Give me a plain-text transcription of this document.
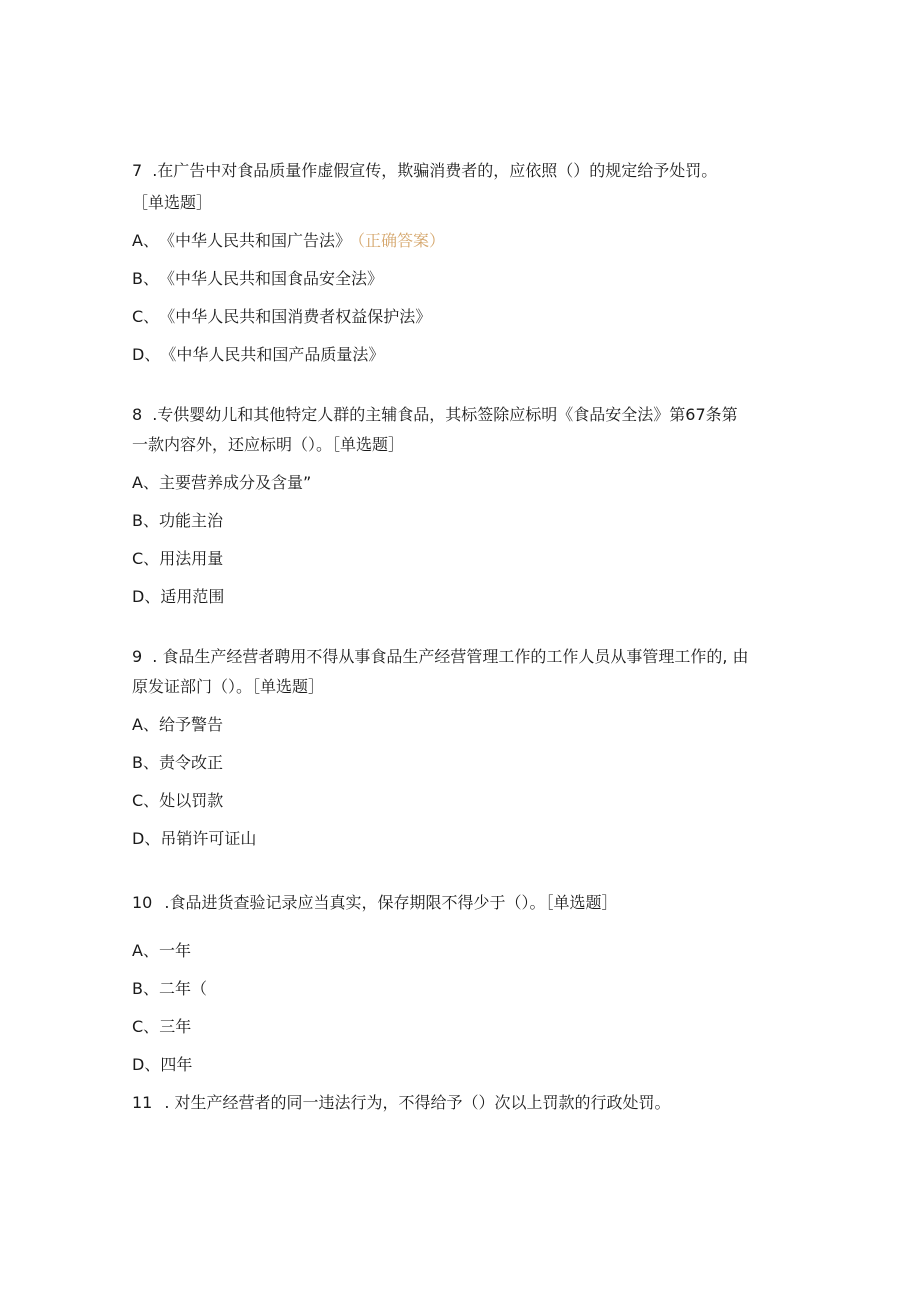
7 .在广告中对食品质量作虚假宣传，欺骗消费者的，应依照（）的规定给予处罚。
［单选题］
A、《中华人民共和国广告法》 （正确答案）
B、《中华人民共和国食品安全法》
C、《中华人民共和国消费者权益保护法》
D、《中华人民共和国产品质量法》
8 .专供婴幼儿和其他特定人群的主辅食品，其标签除应标明《食品安全法》第67条第
一款内容外，还应标明（）。［单选题］
A、主要营养成分及含量”
B、功能主治
C、用法用量
D、适用范围
9 . 食品生产经营者聘用不得从事食品生产经营管理工作的工作人员从事管理工作的, 由
原发证部门（）。［单选题］
A、给予警告
B、责令改正
C、处以罚款
D、吊销许可证山
10 .食品进货查验记录应当真实，保存期限不得少于（）。［单选题］
A、一年
B、二年（
C、三年
D、四年
11 . 对生产经营者的同一违法行为，不得给予（）次以上罚款的行政处罚。
